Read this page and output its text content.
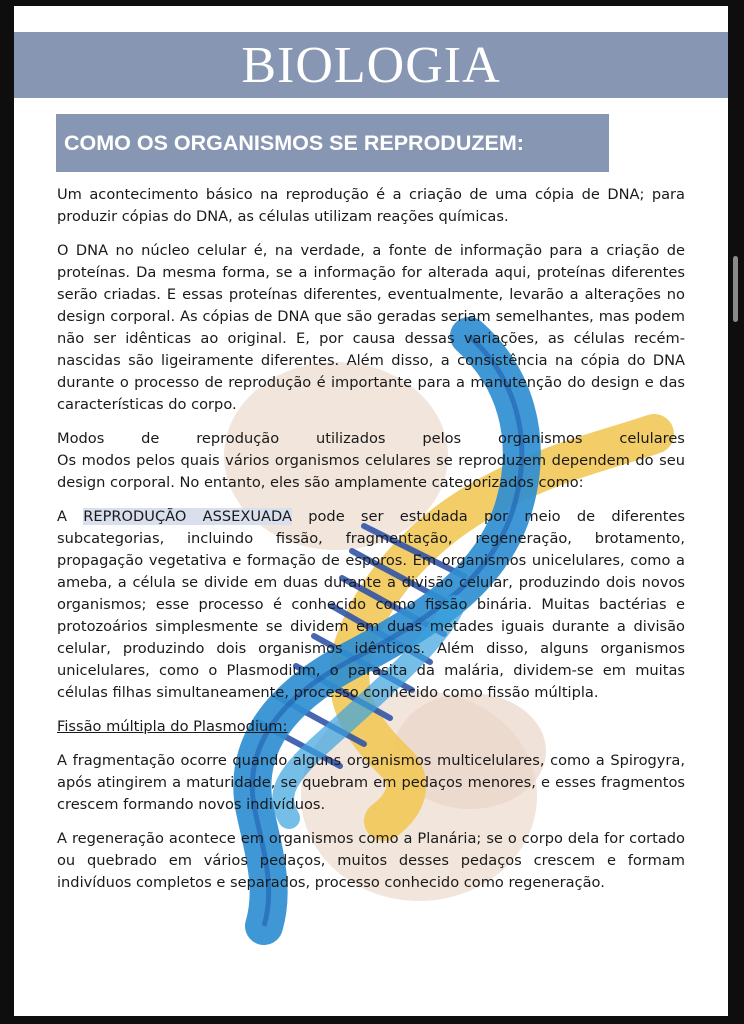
BIOLOGIA
COMO OS ORGANISMOS SE REPRODUZEM:

Um acontecimento básico na reprodução é a criação de uma cópia de DNA; para produzir cópias do DNA, as células utilizam reações químicas.

O DNA no núcleo celular é, na verdade, a fonte de informação para a criação de proteínas. Da mesma forma, se a informação for alterada aqui, proteínas diferentes serão criadas. E essas proteínas diferentes, eventualmente, levarão a alterações no design corporal. As cópias de DNA que são geradas seriam semelhantes, mas podem não ser idênticas ao original. E, por causa dessas variações, as células recém-nascidas são ligeiramente diferentes. Além disso, a consistência na cópia do DNA durante o processo de reprodução é importante para a manutenção do design e das características do corpo.

Modos	de	reprodução	utilizados	pelos	organismos	celulares

Os modos pelos quais vários organismos celulares se reproduzem dependem do seu design corporal. No entanto, eles são amplamente categorizados como:

A REPRODUÇÃO ASSEXUADA pode ser estudada por meio de diferentes subcategorias, incluindo fissão, fragmentação, regeneração, brotamento, propagação vegetativa e formação de esporos. Em organismos unicelulares, como a ameba, a célula se divide em duas durante a divisão celular, produzindo dois novos organismos; esse processo é conhecido como fissão binária. Muitas bactérias e protozoários simplesmente se dividem em duas metades iguais durante a divisão celular, produzindo dois organismos idênticos. Além disso, alguns organismos unicelulares, como o Plasmodium, o parasita da malária, dividem-se em muitas células filhas simultaneamente, processo conhecido como fissão múltipla.

Fissão múltipla do Plasmodium:

A fragmentação ocorre quando alguns organismos multicelulares, como a Spirogyra, após atingirem a maturidade, se quebram em pedaços menores, e esses fragmentos crescem formando novos indivíduos.

A regeneração acontece em organismos como a Planária; se o corpo dela for cortado ou quebrado em vários pedaços, muitos desses pedaços crescem e formam indivíduos completos e separados, processo conhecido como regeneração.
